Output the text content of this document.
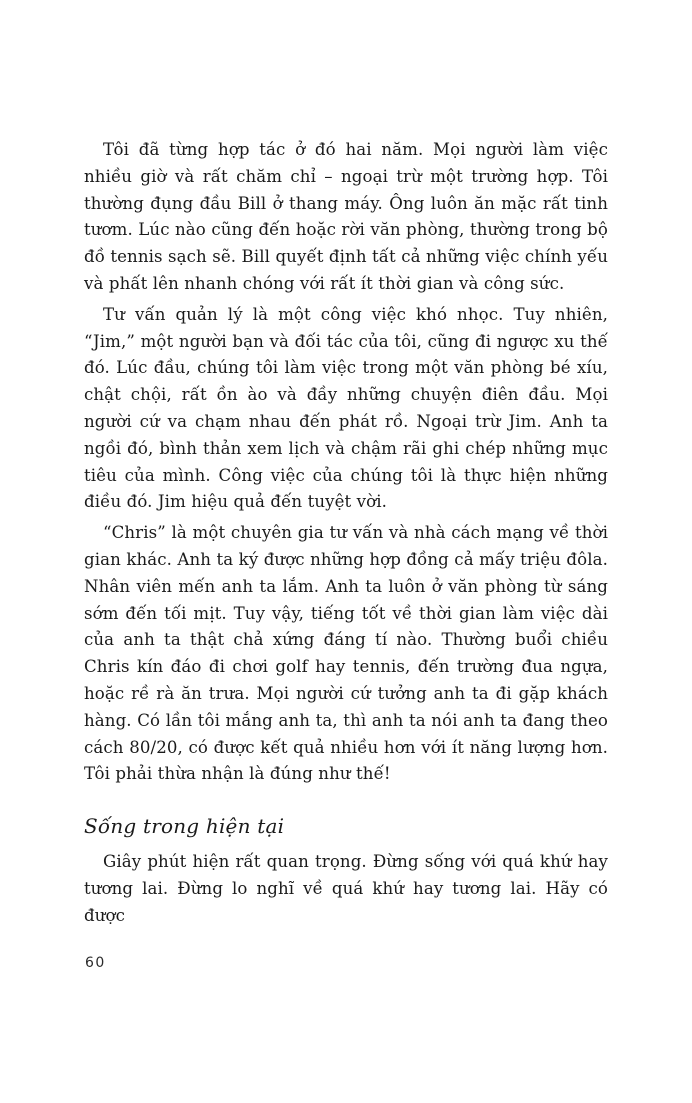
Tôi đã từng hợp tác ở đó hai năm. Mọi người làm việc nhiều giờ và rất chăm chỉ – ngoại trừ một trường hợp. Tôi thường đụng đầu Bill ở thang máy. Ông luôn ăn mặc rất tinh tươm. Lúc nào cũng đến hoặc rời văn phòng, thường trong bộ đồ tennis sạch sẽ. Bill quyết định tất cả những việc chính yếu và phất lên nhanh chóng với rất ít thời gian và công sức.

Tư vấn quản lý là một công việc khó nhọc. Tuy nhiên, “Jim,” một người bạn và đối tác của tôi, cũng đi ngược xu thế đó. Lúc đầu, chúng tôi làm việc trong một văn phòng bé xíu, chật chội, rất ồn ào và đầy những chuyện điên đầu. Mọi người cứ va chạm nhau đến phát rồ. Ngoại trừ Jim. Anh ta ngồi đó, bình thản xem lịch và chậm rãi ghi chép những mục tiêu của mình. Công việc của chúng tôi là thực hiện những điều đó. Jim hiệu quả đến tuyệt vời.

“Chris” là một chuyên gia tư vấn và nhà cách mạng về thời gian khác. Anh ta ký được những hợp đồng cả mấy triệu đôla. Nhân viên mến anh ta lắm. Anh ta luôn ở văn phòng từ sáng sớm đến tối mịt. Tuy vậy, tiếng tốt về thời gian làm việc dài của anh ta thật chả xứng đáng tí nào. Thường buổi chiều Chris kín đáo đi chơi golf hay tennis, đến trường đua ngựa, hoặc rề rà ăn trưa. Mọi người cứ tưởng anh ta đi gặp khách hàng. Có lần tôi mắng anh ta, thì anh ta nói anh ta đang theo cách 80/20, có được kết quả nhiều hơn với ít năng lượng hơn. Tôi phải thừa nhận là đúng như thế!

Sống trong hiện tại

Giây phút hiện rất quan trọng. Đừng sống với quá khứ hay tương lai. Đừng lo nghĩ về quá khứ hay tương lai. Hãy có được

60
